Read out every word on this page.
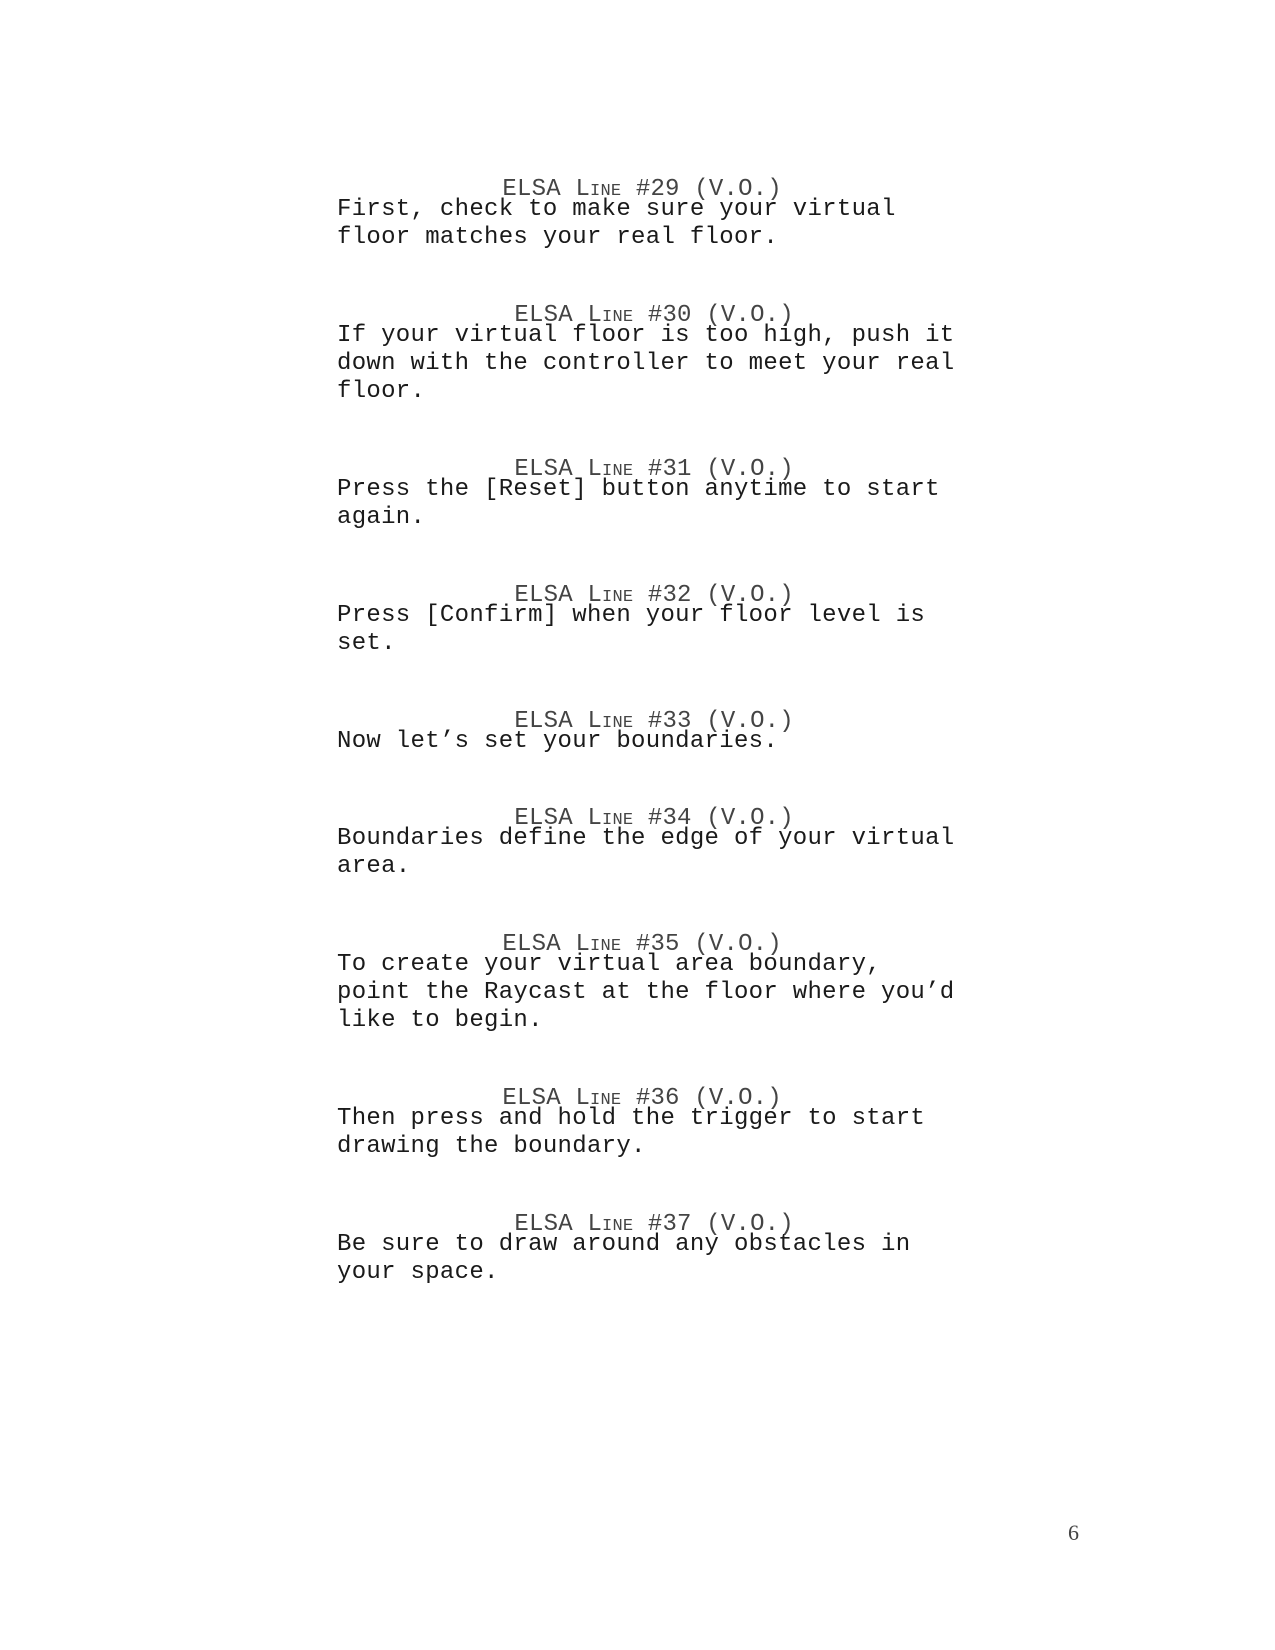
ELSA Line #29 (V.O.)

First, check to make sure your virtual
floor matches your real floor.

ELSA Line #30 (V.O.)

If your virtual floor is too high, push it
down with the controller to meet your real
floor.

ELSA Line #31 (V.O.)

Press the [Reset] button anytime to start
again.

ELSA Line #32 (V.O.)

Press [Confirm] when your floor level is
set.

ELSA Line #33 (V.O.)

Now let’s set your boundaries.

ELSA Line #34 (V.O.)

Boundaries define the edge of your virtual
area.

ELSA Line #35 (V.O.)

To create your virtual area boundary,
point the Raycast at the floor where you’d
like to begin.

ELSA Line #36 (V.O.)

Then press and hold the trigger to start
drawing the boundary.

ELSA Line #37 (V.O.)

Be sure to draw around any obstacles in
your space.
6
